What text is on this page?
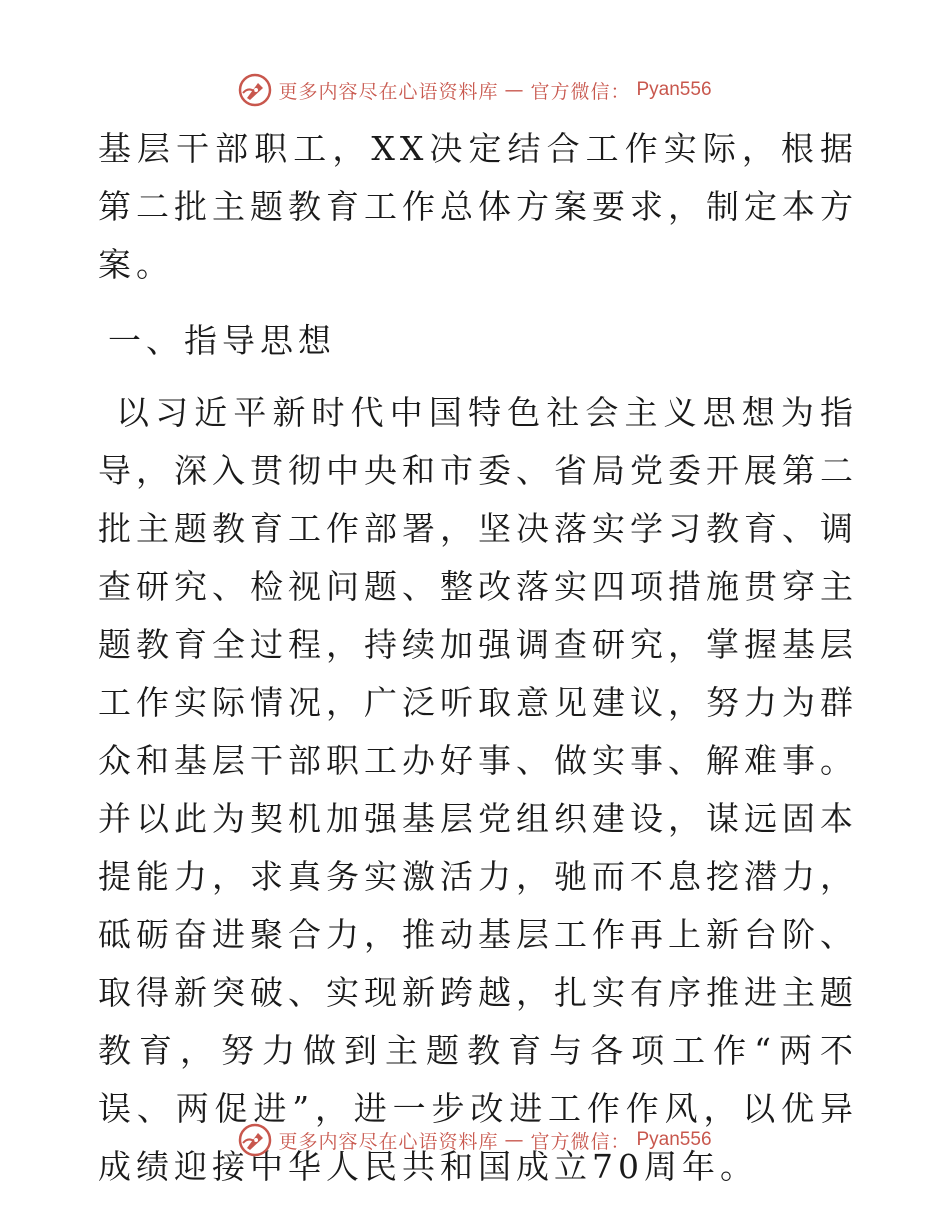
更多内容尽在心语资料库 — 官方微信： Pyan556

基层干部职工，XX决定结合工作实际，根据第二批主题教育工作总体方案要求，制定本方案。

一、指导思想

以习近平新时代中国特色社会主义思想为指导，深入贯彻中央和市委、省局党委开展第二批主题教育工作部署，坚决落实学习教育、调查研究、检视问题、整改落实四项措施贯穿主题教育全过程，持续加强调查研究，掌握基层工作实际情况，广泛听取意见建议，努力为群众和基层干部职工办好事、做实事、解难事。并以此为契机加强基层党组织建设，谋远固本提能力，求真务实激活力，驰而不息挖潜力，砥砺奋进聚合力，推动基层工作再上新台阶、取得新突破、实现新跨越，扎实有序推进主题教育，努力做到主题教育与各项工作“两不误、两促进”，进一步改进工作作风，以优异成绩迎接中华人民共和国成立70周年。

更多内容尽在心语资料库 — 官方微信： Pyan556
